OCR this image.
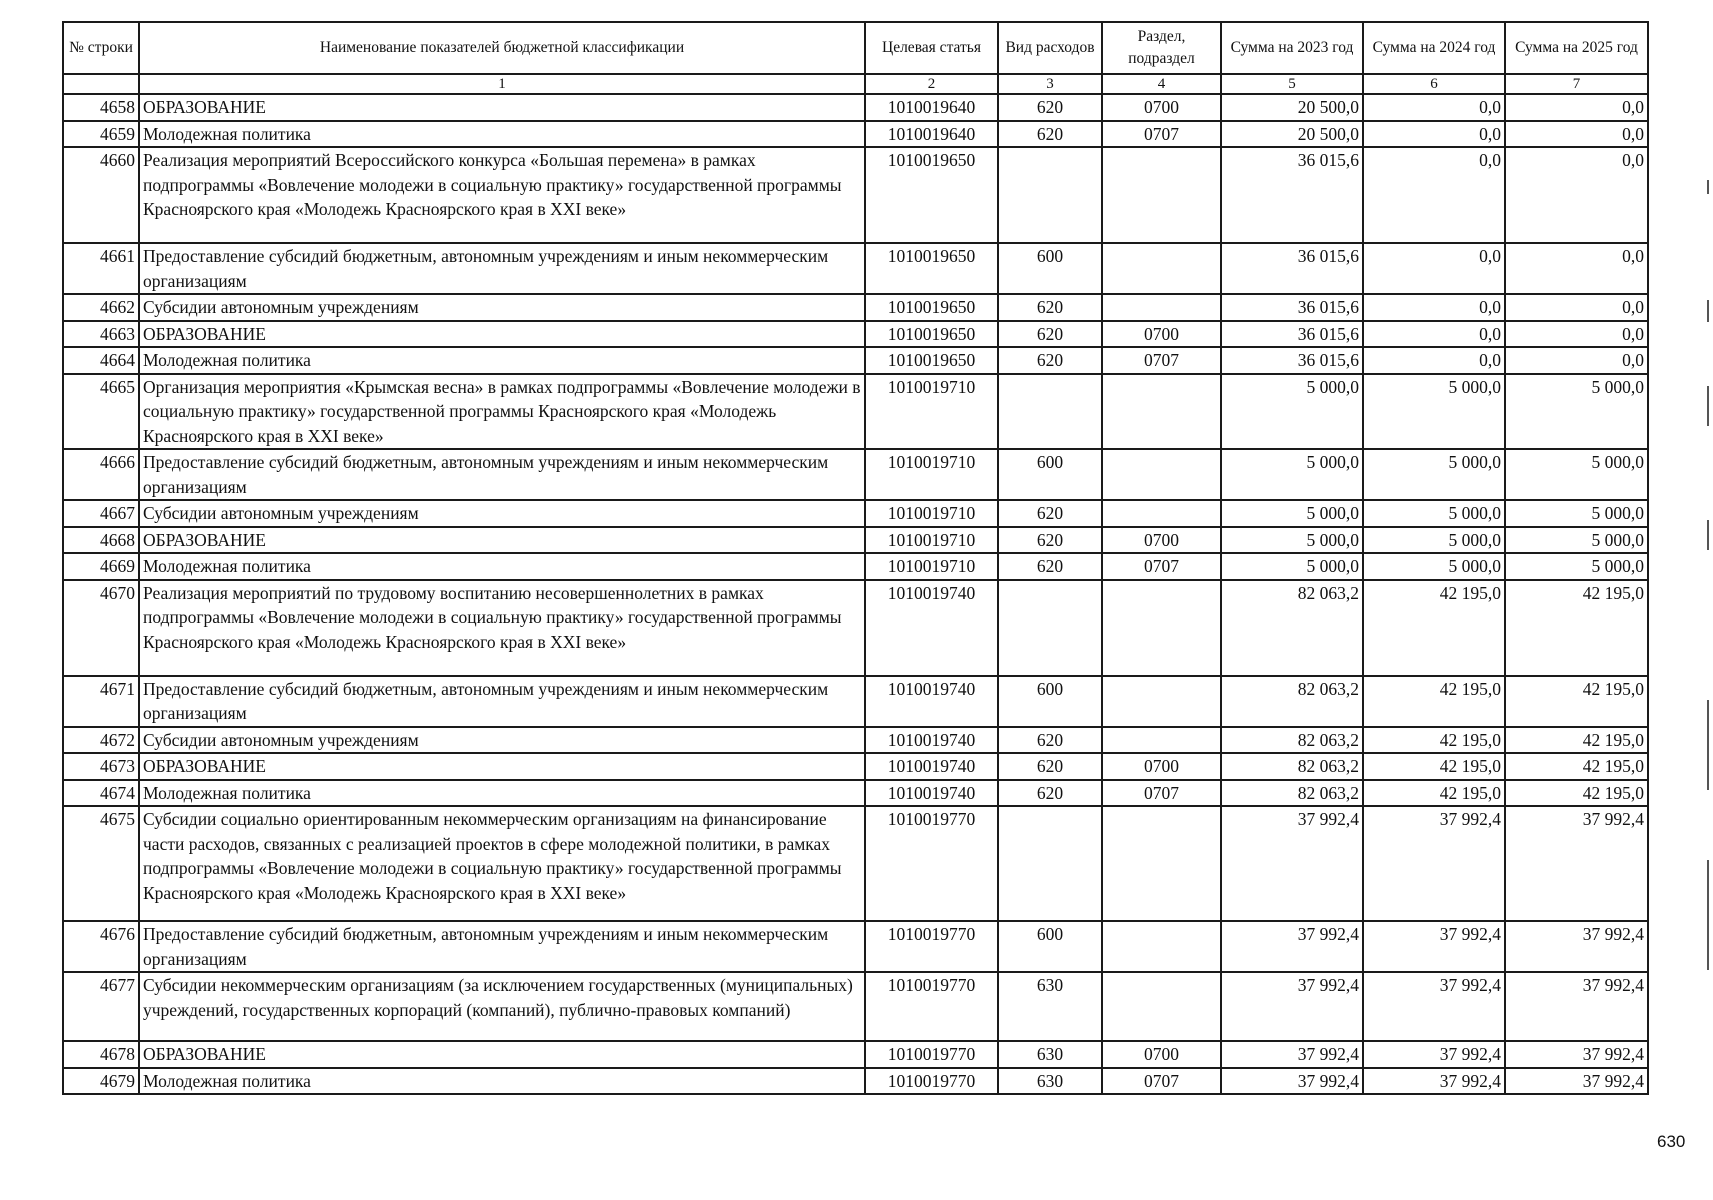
№ строки	Наименование показателей бюджетной классификации	Целевая статья	Вид расходов	Раздел, подраздел	Сумма на 2023 год	Сумма на 2024 год	Сумма на 2025 год
	1	2	3	4	5	6	7
4658	ОБРАЗОВАНИЕ	1010019640	620	0700	20 500,0	0,0	0,0
4659	Молодежная политика	1010019640	620	0707	20 500,0	0,0	0,0
4660	Реализация мероприятий Всероссийского конкурса «Большая перемена» в рамках подпрограммы «Вовлечение молодежи в социальную практику» государственной программы Красноярского края «Молодежь Красноярского края в XXI веке»	1010019650			36 015,6	0,0	0,0
4661	Предоставление субсидий бюджетным, автономным учреждениям и иным некоммерческим организациям	1010019650	600		36 015,6	0,0	0,0
4662	Субсидии автономным учреждениям	1010019650	620		36 015,6	0,0	0,0
4663	ОБРАЗОВАНИЕ	1010019650	620	0700	36 015,6	0,0	0,0
4664	Молодежная политика	1010019650	620	0707	36 015,6	0,0	0,0
4665	Организация мероприятия «Крымская весна» в рамках подпрограммы «Вовлечение молодежи в социальную практику» государственной программы Красноярского края «Молодежь Красноярского края в XXI веке»	1010019710			5 000,0	5 000,0	5 000,0
4666	Предоставление субсидий бюджетным, автономным учреждениям и иным некоммерческим организациям	1010019710	600		5 000,0	5 000,0	5 000,0
4667	Субсидии автономным учреждениям	1010019710	620		5 000,0	5 000,0	5 000,0
4668	ОБРАЗОВАНИЕ	1010019710	620	0700	5 000,0	5 000,0	5 000,0
4669	Молодежная политика	1010019710	620	0707	5 000,0	5 000,0	5 000,0
4670	Реализация мероприятий по трудовому воспитанию несовершеннолетних в рамках подпрограммы «Вовлечение молодежи в социальную практику» государственной программы Красноярского края «Молодежь Красноярского края в XXI веке»	1010019740			82 063,2	42 195,0	42 195,0
4671	Предоставление субсидий бюджетным, автономным учреждениям и иным некоммерческим организациям	1010019740	600		82 063,2	42 195,0	42 195,0
4672	Субсидии автономным учреждениям	1010019740	620		82 063,2	42 195,0	42 195,0
4673	ОБРАЗОВАНИЕ	1010019740	620	0700	82 063,2	42 195,0	42 195,0
4674	Молодежная политика	1010019740	620	0707	82 063,2	42 195,0	42 195,0
4675	Субсидии социально ориентированным некоммерческим организациям на финансирование части расходов, связанных с реализацией проектов в сфере молодежной политики, в рамках подпрограммы «Вовлечение молодежи в социальную практику» государственной программы Красноярского края «Молодежь Красноярского края в XXI веке»	1010019770			37 992,4	37 992,4	37 992,4
4676	Предоставление субсидий бюджетным, автономным учреждениям и иным некоммерческим организациям	1010019770	600		37 992,4	37 992,4	37 992,4
4677	Субсидии некоммерческим организациям (за исключением государственных (муниципальных) учреждений, государственных корпораций (компаний), публично-правовых компаний)	1010019770	630		37 992,4	37 992,4	37 992,4
4678	ОБРАЗОВАНИЕ	1010019770	630	0700	37 992,4	37 992,4	37 992,4
4679	Молодежная политика	1010019770	630	0707	37 992,4	37 992,4	37 992,4
630
